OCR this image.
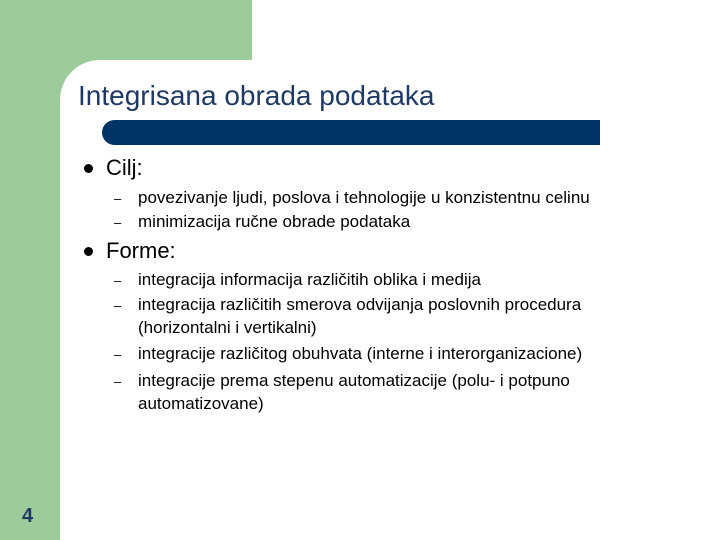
Integrisana obrada podataka
Cilj:
– povezivanje ljudi, poslova i tehnologije u konzistentnu celinu
– minimizacija ručne obrade podataka
Forme:
– integracija informacija različitih oblika i medija
– integracija različitih smerova odvijanja poslovnih procedura
(horizontalni i vertikalni)
– integracije različitog obuhvata (interne i interorganizacione)
– integracije prema stepenu automatizacije (polu- i potpuno
automatizovane)
4
